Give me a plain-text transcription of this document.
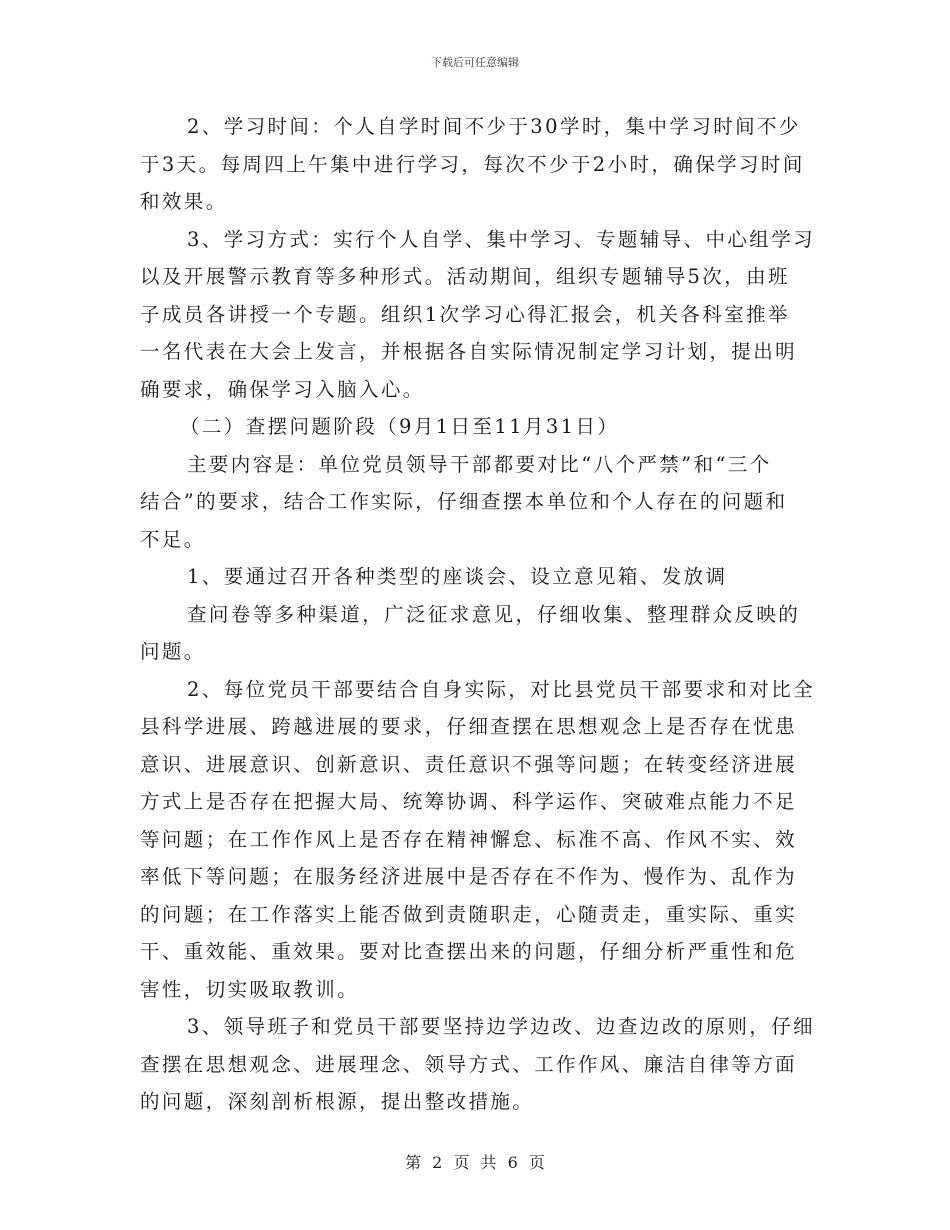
下载后可任意编辑
2、学习时间：个人自学时间不少于30学时，集中学习时间不少
于3天。每周四上午集中进行学习，每次不少于2小时，确保学习时间
和效果。
3、学习方式：实行个人自学、集中学习、专题辅导、中心组学习
以及开展警示教育等多种形式。活动期间，组织专题辅导5次，由班
子成员各讲授一个专题。组织1次学习心得汇报会，机关各科室推举
一名代表在大会上发言，并根据各自实际情况制定学习计划，提出明
确要求，确保学习入脑入心。
（二）查摆问题阶段（9月1日至11月31日）
主要内容是：单位党员领导干部都要对比“八个严禁”和“三个
结合”的要求，结合工作实际，仔细查摆本单位和个人存在的问题和
不足。
1、要通过召开各种类型的座谈会、设立意见箱、发放调
查问卷等多种渠道，广泛征求意见，仔细收集、整理群众反映的
问题。
2、每位党员干部要结合自身实际，对比县党员干部要求和对比全
县科学进展、跨越进展的要求，仔细查摆在思想观念上是否存在忧患
意识、进展意识、创新意识、责任意识不强等问题；在转变经济进展
方式上是否存在把握大局、统筹协调、科学运作、突破难点能力不足
等问题；在工作作风上是否存在精神懈怠、标准不高、作风不实、效
率低下等问题；在服务经济进展中是否存在不作为、慢作为、乱作为
的问题；在工作落实上能否做到责随职走，心随责走，重实际、重实
干、重效能、重效果。要对比查摆出来的问题，仔细分析严重性和危
害性，切实吸取教训。
3、领导班子和党员干部要坚持边学边改、边查边改的原则，仔细
查摆在思想观念、进展理念、领导方式、工作作风、廉洁自律等方面
的问题，深刻剖析根源，提出整改措施。
第 2 页 共 6 页
